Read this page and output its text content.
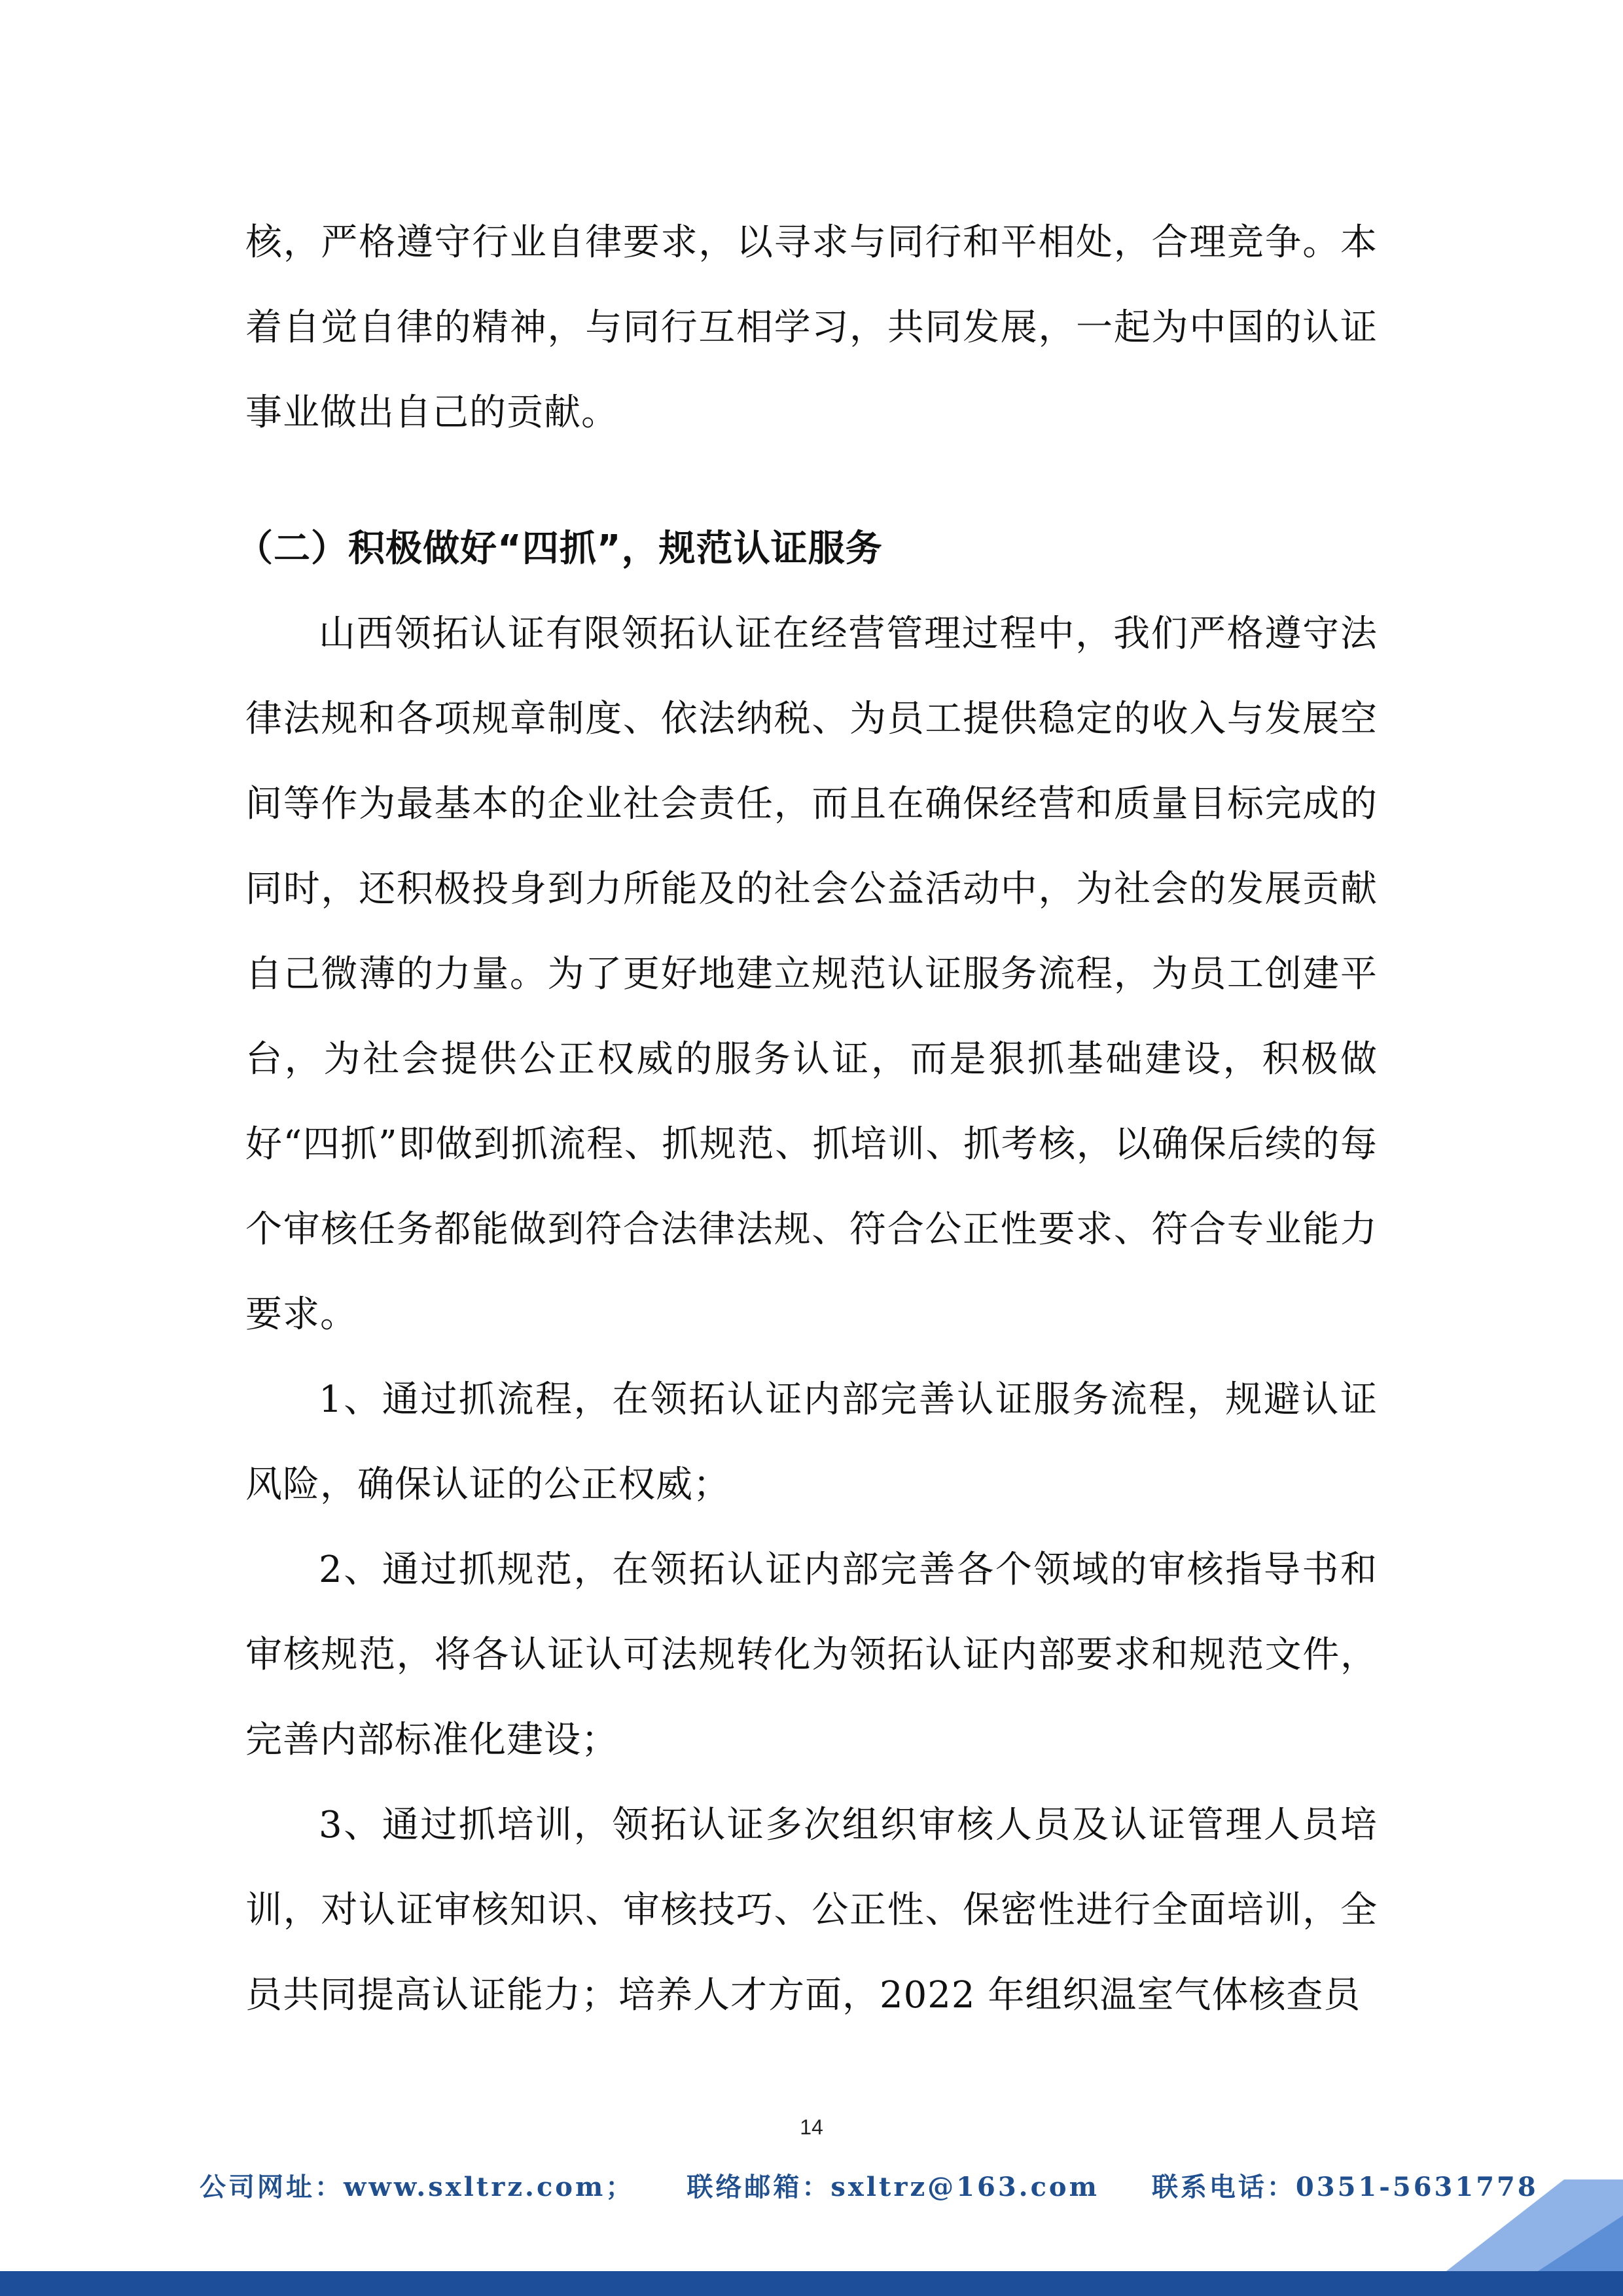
核，严格遵守行业自律要求，以寻求与同行和平相处，合理竞争。本着自觉自律的精神，与同行互相学习，共同发展，一起为中国的认证事业做出自己的贡献。

（二）积极做好“四抓”，规范认证服务

山西领拓认证有限领拓认证在经营管理过程中，我们严格遵守法律法规和各项规章制度、依法纳税、为员工提供稳定的收入与发展空间等作为最基本的企业社会责任，而且在确保经营和质量目标完成的同时，还积极投身到力所能及的社会公益活动中，为社会的发展贡献自己微薄的力量。为了更好地建立规范认证服务流程，为员工创建平台，为社会提供公正权威的服务认证，而是狠抓基础建设，积极做好“四抓”即做到抓流程、抓规范、抓培训、抓考核，以确保后续的每个审核任务都能做到符合法律法规、符合公正性要求、符合专业能力要求。

1、通过抓流程，在领拓认证内部完善认证服务流程，规避认证风险，确保认证的公正权威；

2、通过抓规范，在领拓认证内部完善各个领域的审核指导书和审核规范，将各认证认可法规转化为领拓认证内部要求和规范文件，完善内部标准化建设；

3、通过抓培训，领拓认证多次组织审核人员及认证管理人员培训，对认证审核知识、审核技巧、公正性、保密性进行全面培训，全员共同提高认证能力；培养人才方面，2022 年组织温室气体核查员

14
公司网址：www.sxltrz.com； 联络邮箱：sxltrz@163.com 联系电话：0351-5631778
